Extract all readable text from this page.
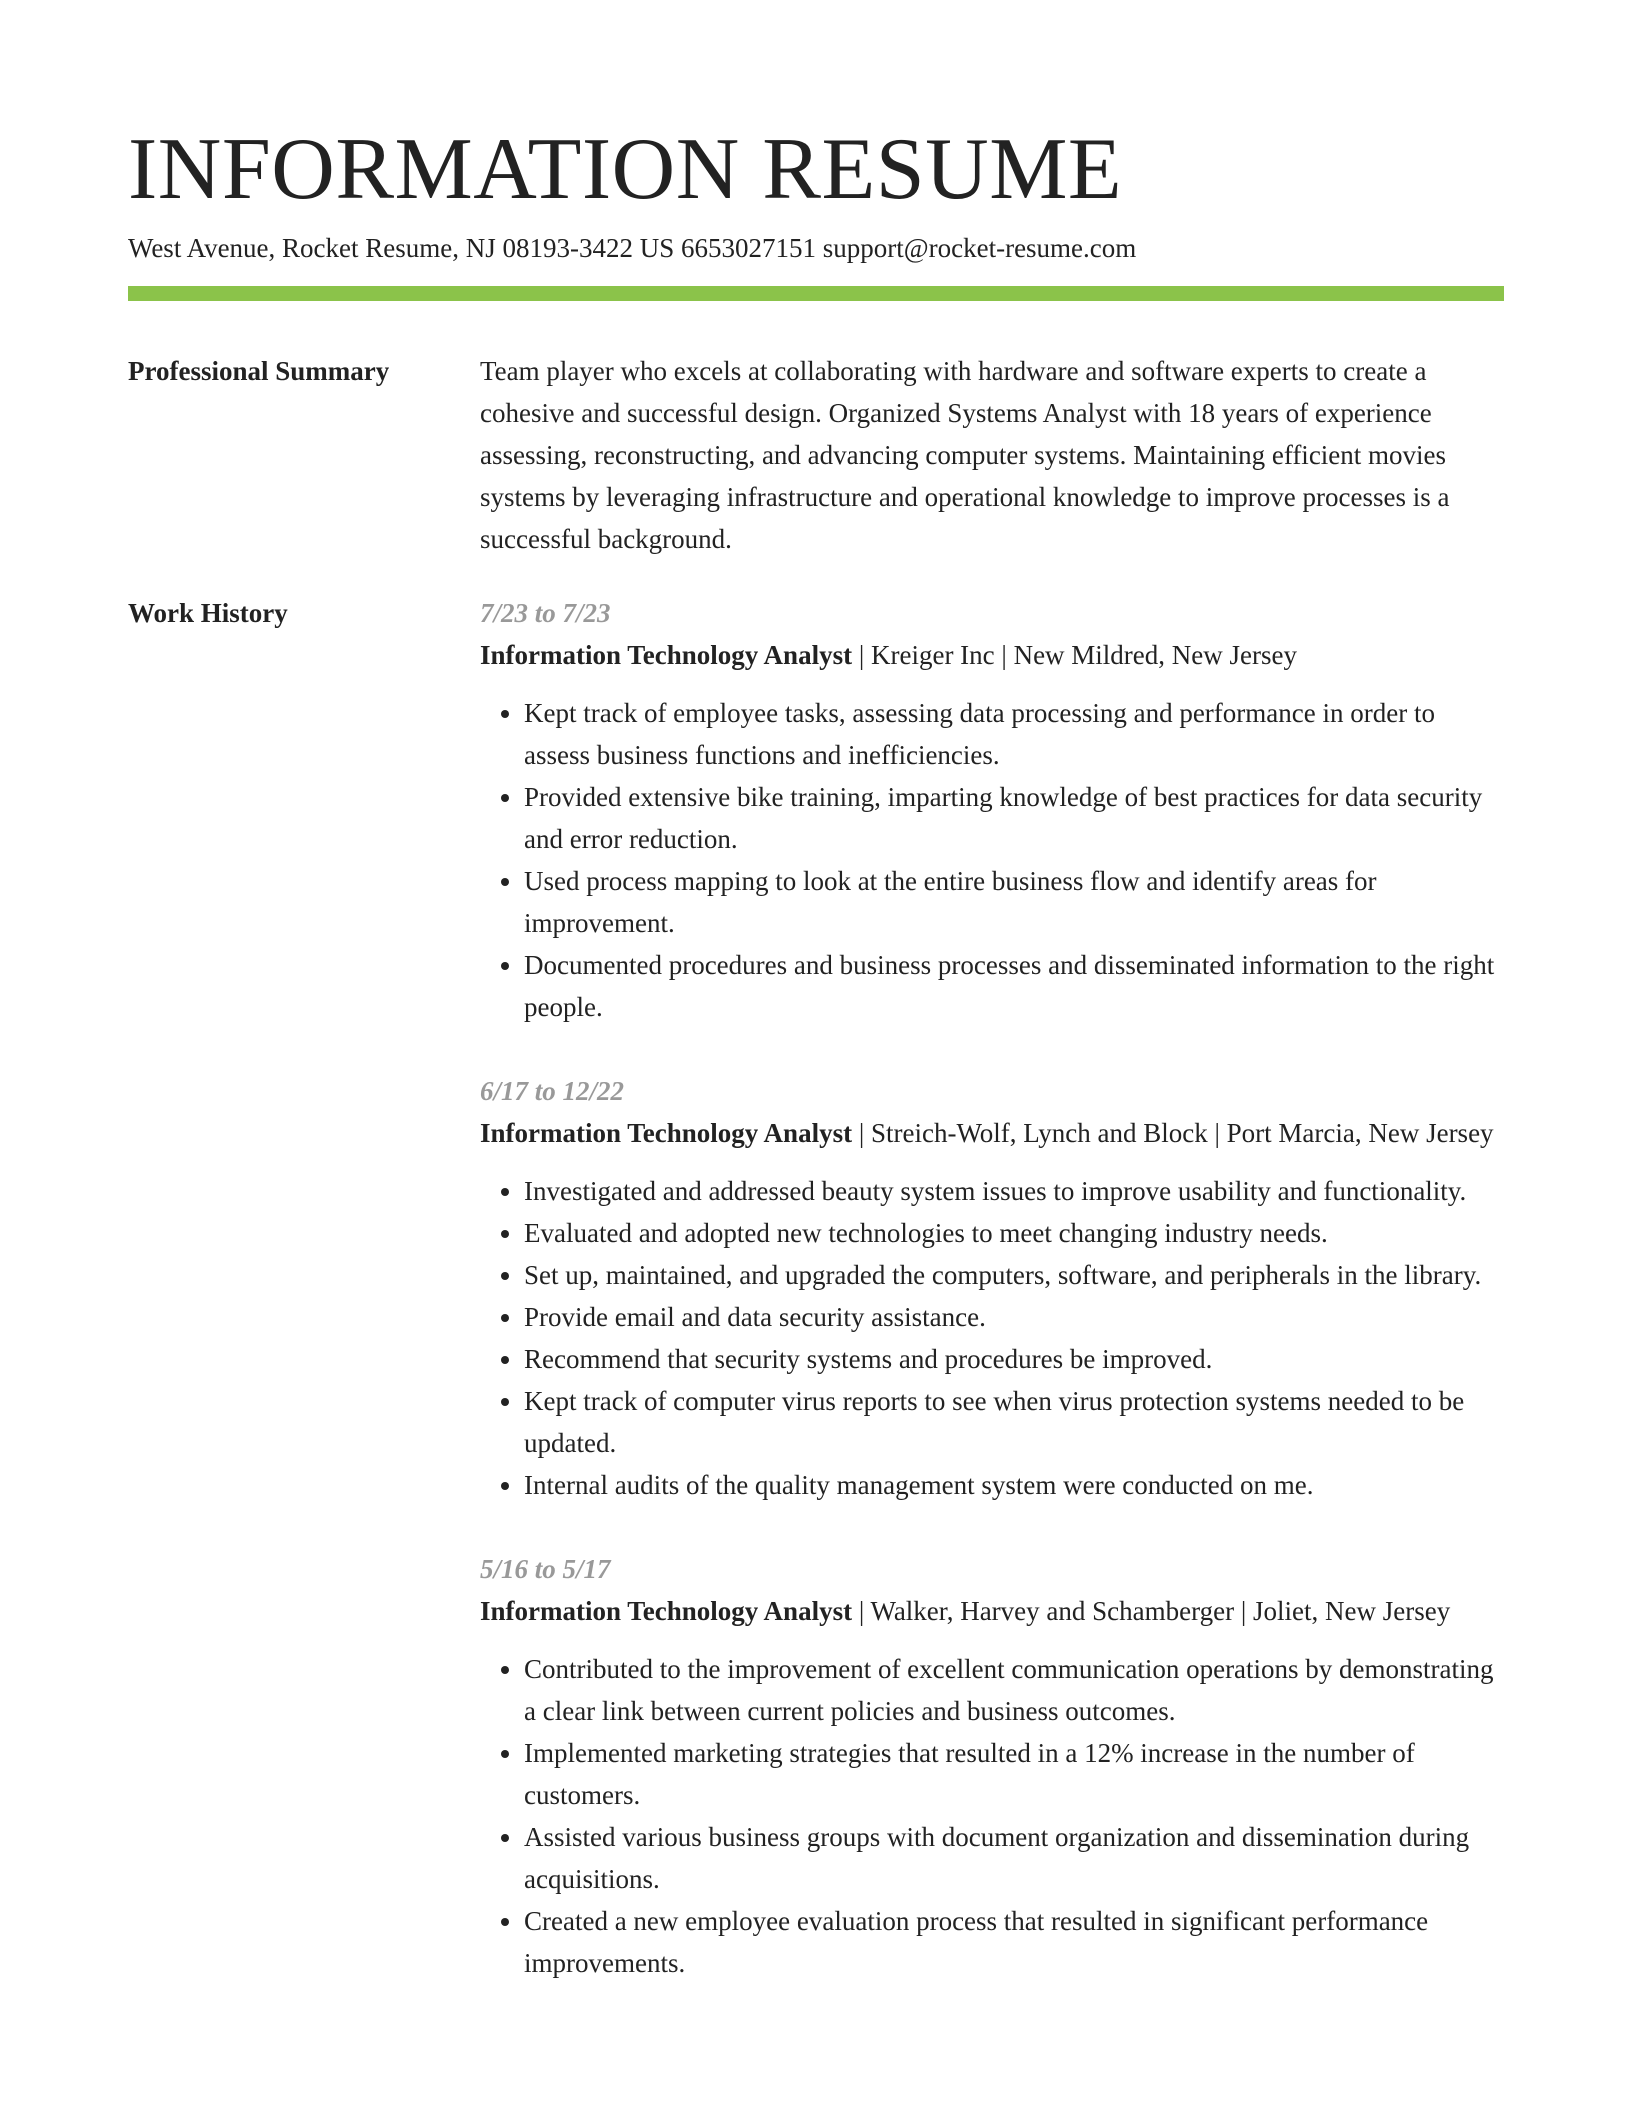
INFORMATION RESUME
West Avenue, Rocket Resume, NJ 08193-3422 US 6653027151 support@rocket-resume.com
Professional Summary	Team player who excels at collaborating with hardware and software experts to create a cohesive and successful design. Organized Systems Analyst with 18 years of experience assessing, reconstructing, and advancing computer systems. Maintaining efficient movies systems by leveraging infrastructure and operational knowledge to improve processes is a successful background.

Work History	7/23 to 7/23
Information Technology Analyst | Kreiger Inc | New Mildred, New Jersey
• Kept track of employee tasks, assessing data processing and performance in order to assess business functions and inefficiencies.
• Provided extensive bike training, imparting knowledge of best practices for data security and error reduction.
• Used process mapping to look at the entire business flow and identify areas for improvement.
• Documented procedures and business processes and disseminated information to the right people.
6/17 to 12/22
Information Technology Analyst | Streich-Wolf, Lynch and Block | Port Marcia, New Jersey
• Investigated and addressed beauty system issues to improve usability and functionality.
• Evaluated and adopted new technologies to meet changing industry needs.
• Set up, maintained, and upgraded the computers, software, and peripherals in the library.
• Provide email and data security assistance.
• Recommend that security systems and procedures be improved.
• Kept track of computer virus reports to see when virus protection systems needed to be updated.
• Internal audits of the quality management system were conducted on me.
5/16 to 5/17
Information Technology Analyst | Walker, Harvey and Schamberger | Joliet, New Jersey
• Contributed to the improvement of excellent communication operations by demonstrating a clear link between current policies and business outcomes.
• Implemented marketing strategies that resulted in a 12% increase in the number of customers.
• Assisted various business groups with document organization and dissemination during acquisitions.
• Created a new employee evaluation process that resulted in significant performance improvements.
